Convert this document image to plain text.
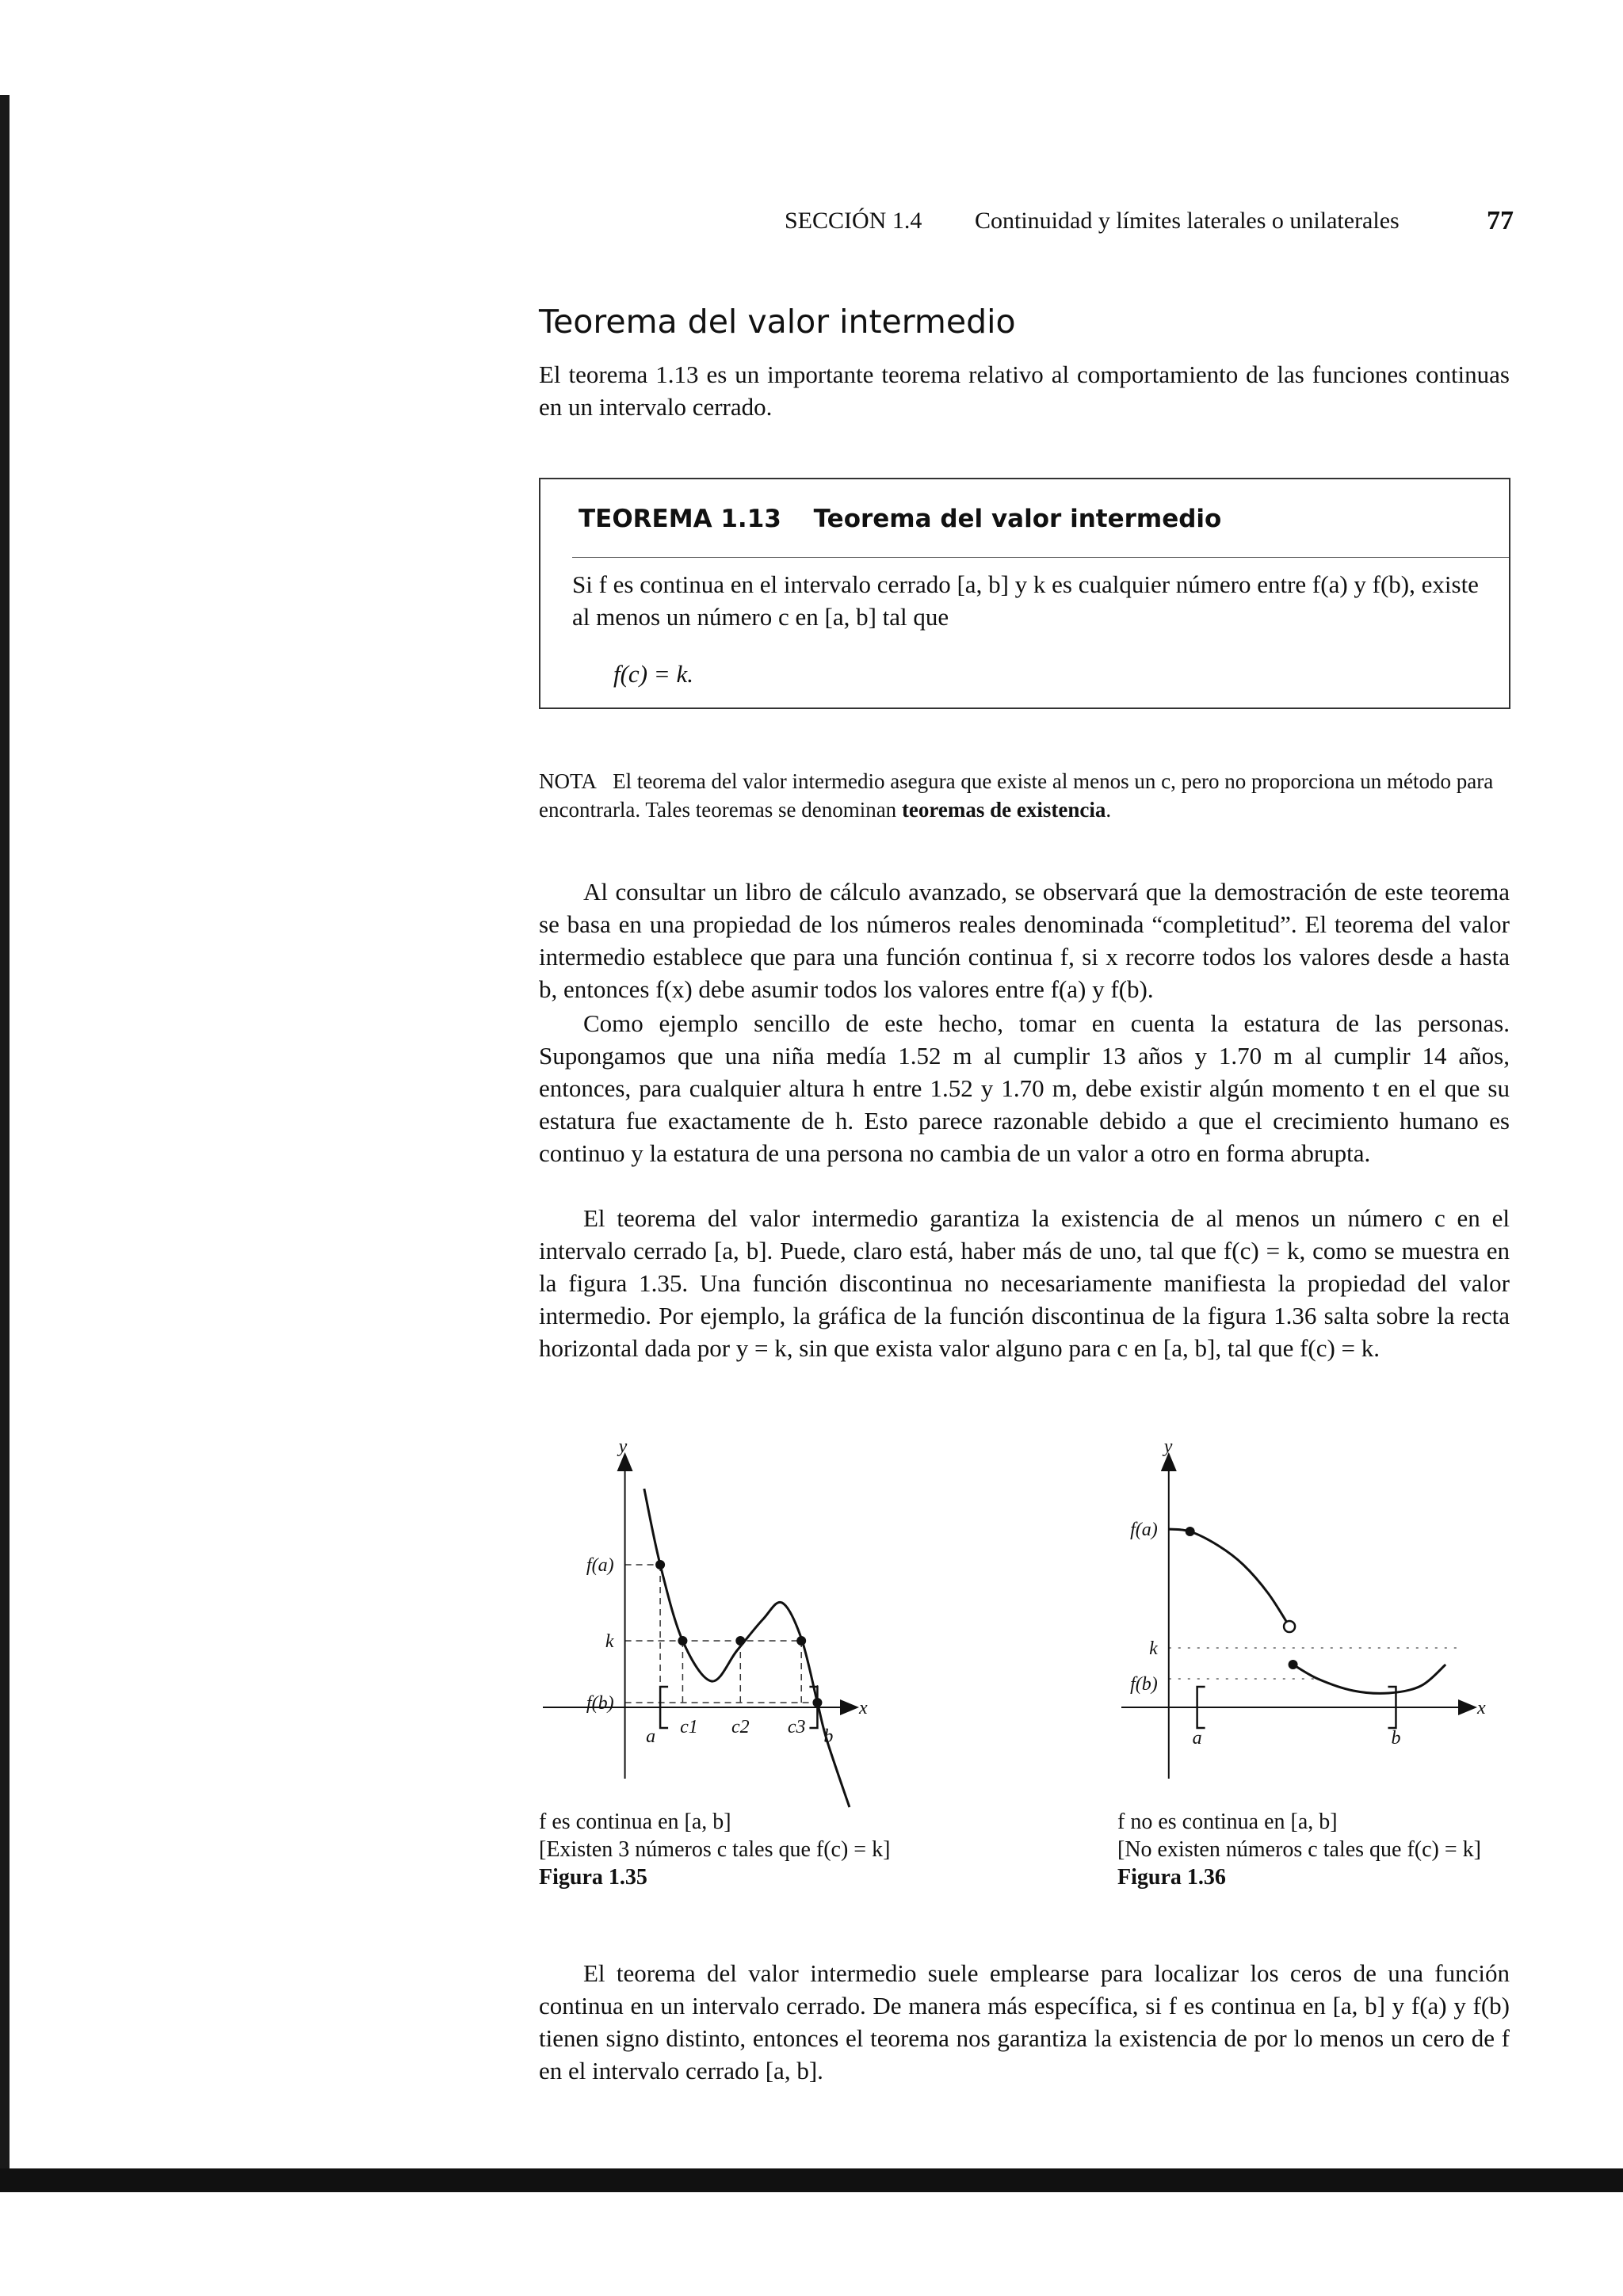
SECCIÓN 1.4 Continuidad y límites laterales o unilaterales	77
Teorema del valor intermedio
El teorema 1.13 es un importante teorema relativo al comportamiento de las funciones continuas en un intervalo cerrado.
TEOREMA 1.13 Teorema del valor intermedio
Si f es continua en el intervalo cerrado [a, b] y k es cualquier número entre f(a) y f(b), existe al menos un número c en [a, b] tal que
f(c) = k.
NOTA El teorema del valor intermedio asegura que existe al menos un c, pero no proporciona un método para encontrarla. Tales teoremas se denominan teoremas de existencia.
Al consultar un libro de cálculo avanzado, se observará que la demostración de este teorema se basa en una propiedad de los números reales denominada “completitud”. El teorema del valor intermedio establece que para una función continua f, si x recorre todos los valores desde a hasta b, entonces f(x) debe asumir todos los valores entre f(a) y f(b).
Como ejemplo sencillo de este hecho, tomar en cuenta la estatura de las personas. Supongamos que una niña medía 1.52 m al cumplir 13 años y 1.70 m al cumplir 14 años, entonces, para cualquier altura h entre 1.52 y 1.70 m, debe existir algún momento t en el que su estatura fue exactamente de h. Esto parece razonable debido a que el crecimiento humano es continuo y la estatura de una persona no cambia de un valor a otro en forma abrupta.
El teorema del valor intermedio garantiza la existencia de al menos un número c en el intervalo cerrado [a, b]. Puede, claro está, haber más de uno, tal que f(c) = k, como se muestra en la figura 1.35. Una función discontinua no necesariamente manifiesta la propiedad del valor intermedio. Por ejemplo, la gráfica de la función discontinua de la figura 1.36 salta sobre la recta horizontal dada por y = k, sin que exista valor alguno para c en [a, b], tal que f(c) = k.
y
x
f(a)
k
f(b)
a c1 c2 c3 b
y
x
f(a)
k
f(b)
a	b
f es continua en [a, b]
[Existen 3 números c tales que f(c) = k]
Figura 1.35
f no es continua en [a, b]
[No existen números c tales que f(c) = k]
Figura 1.36
El teorema del valor intermedio suele emplearse para localizar los ceros de una función continua en un intervalo cerrado. De manera más específica, si f es continua en [a, b] y f(a) y f(b) tienen signo distinto, entonces el teorema nos garantiza la existencia de por lo menos un cero de f en el intervalo cerrado [a, b].
